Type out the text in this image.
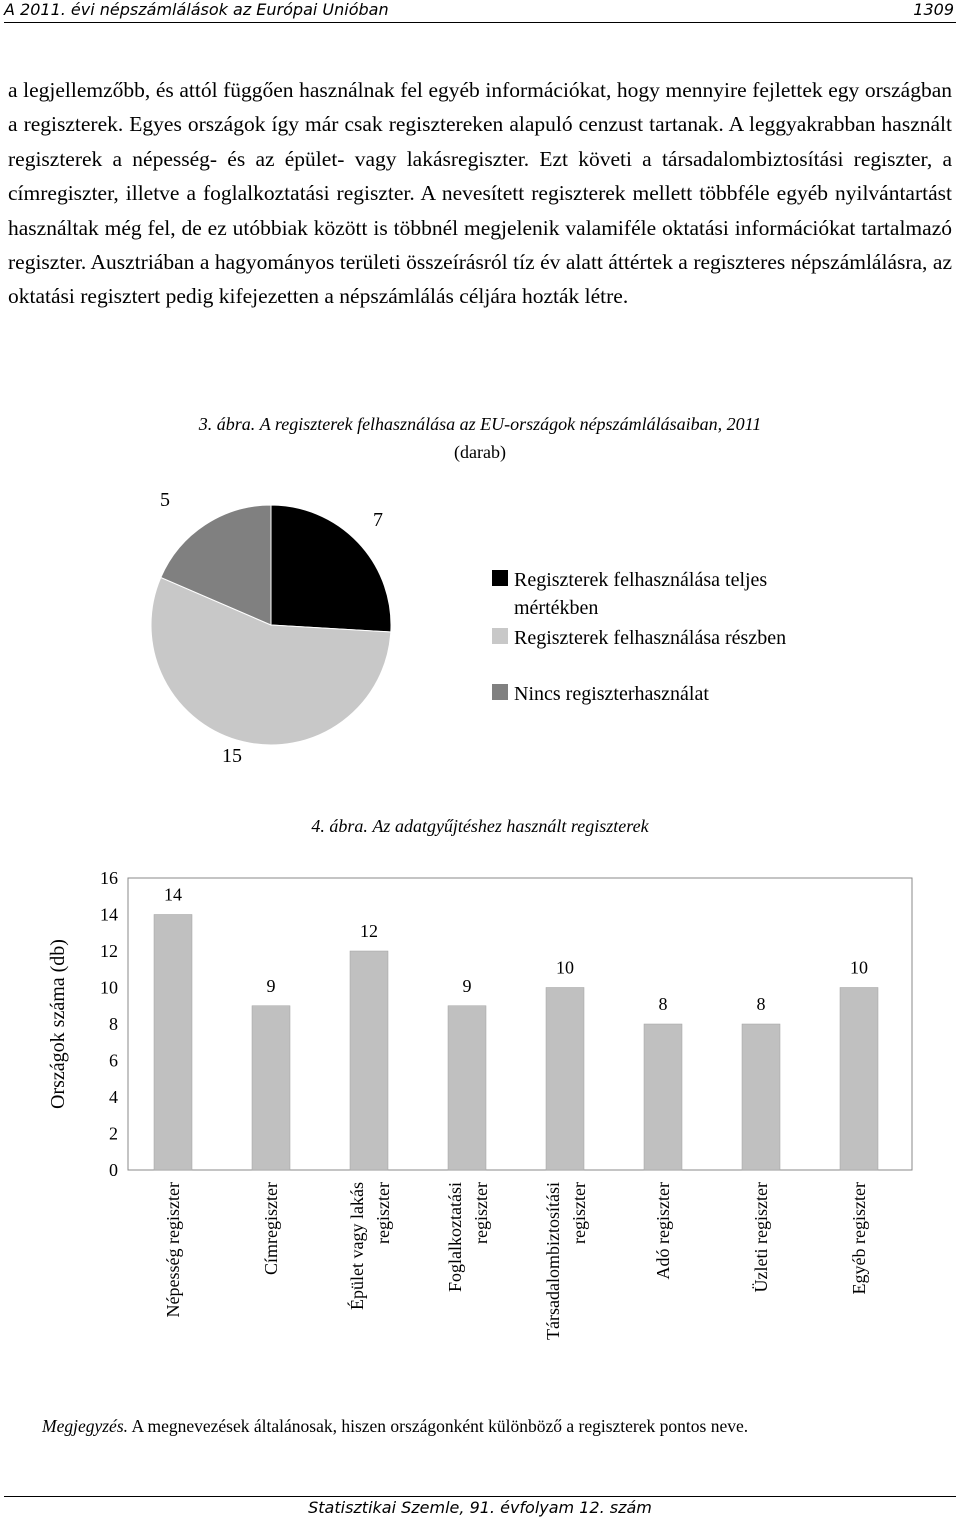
A 2011. évi népszámlálások az Európai Unióban	1309

a legjellemzőbb, és attól függően használnak fel egyéb információkat, hogy mennyire fejlettek egy országban a regiszterek. Egyes országok így már csak regisztereken alapuló cenzust tartanak. A leggyakrabban használt regiszterek a népesség- és az épület- vagy lakásregiszter. Ezt követi a társadalombiztosítási regiszter, a címregiszter, illetve a foglalkoztatási regiszter. A nevesített regiszterek mellett többféle egyéb nyilvántartást használtak még fel, de ez utóbbiak között is többnél megjelenik valamiféle oktatási információkat tartalmazó regiszter. Ausztriában a hagyományos területi összeírásról tíz év alatt áttértek a regiszteres népszámlálásra, az oktatási regisztert pedig kifejezetten a népszámlálás céljára hozták létre.

3. ábra. A regiszterek felhasználása az EU-országok népszámlálásaiban, 2011

(darab)

7
15
5
Regiszterek felhasználása teljes mértékben
Regiszterek felhasználása részben
Nincs regiszterhasználat

4. ábra. Az adatgyűjtéshez használt regiszterek

0
2
4
6
8
10
12
14
16
Országok száma (db)
14
Népesség regiszter
9
Címregiszter
12
Épület vagy lakás regiszter
9
Foglalkoztatási regiszter
10
Társadalombiztosítási regiszter
8
Adó regiszter
8
Üzleti regiszter
10
Egyéb regiszter

Megjegyzés. A megnevezések általánosak, hiszen országonként különböző a regiszterek pontos neve.

Statisztikai Szemle, 91. évfolyam 12. szám
